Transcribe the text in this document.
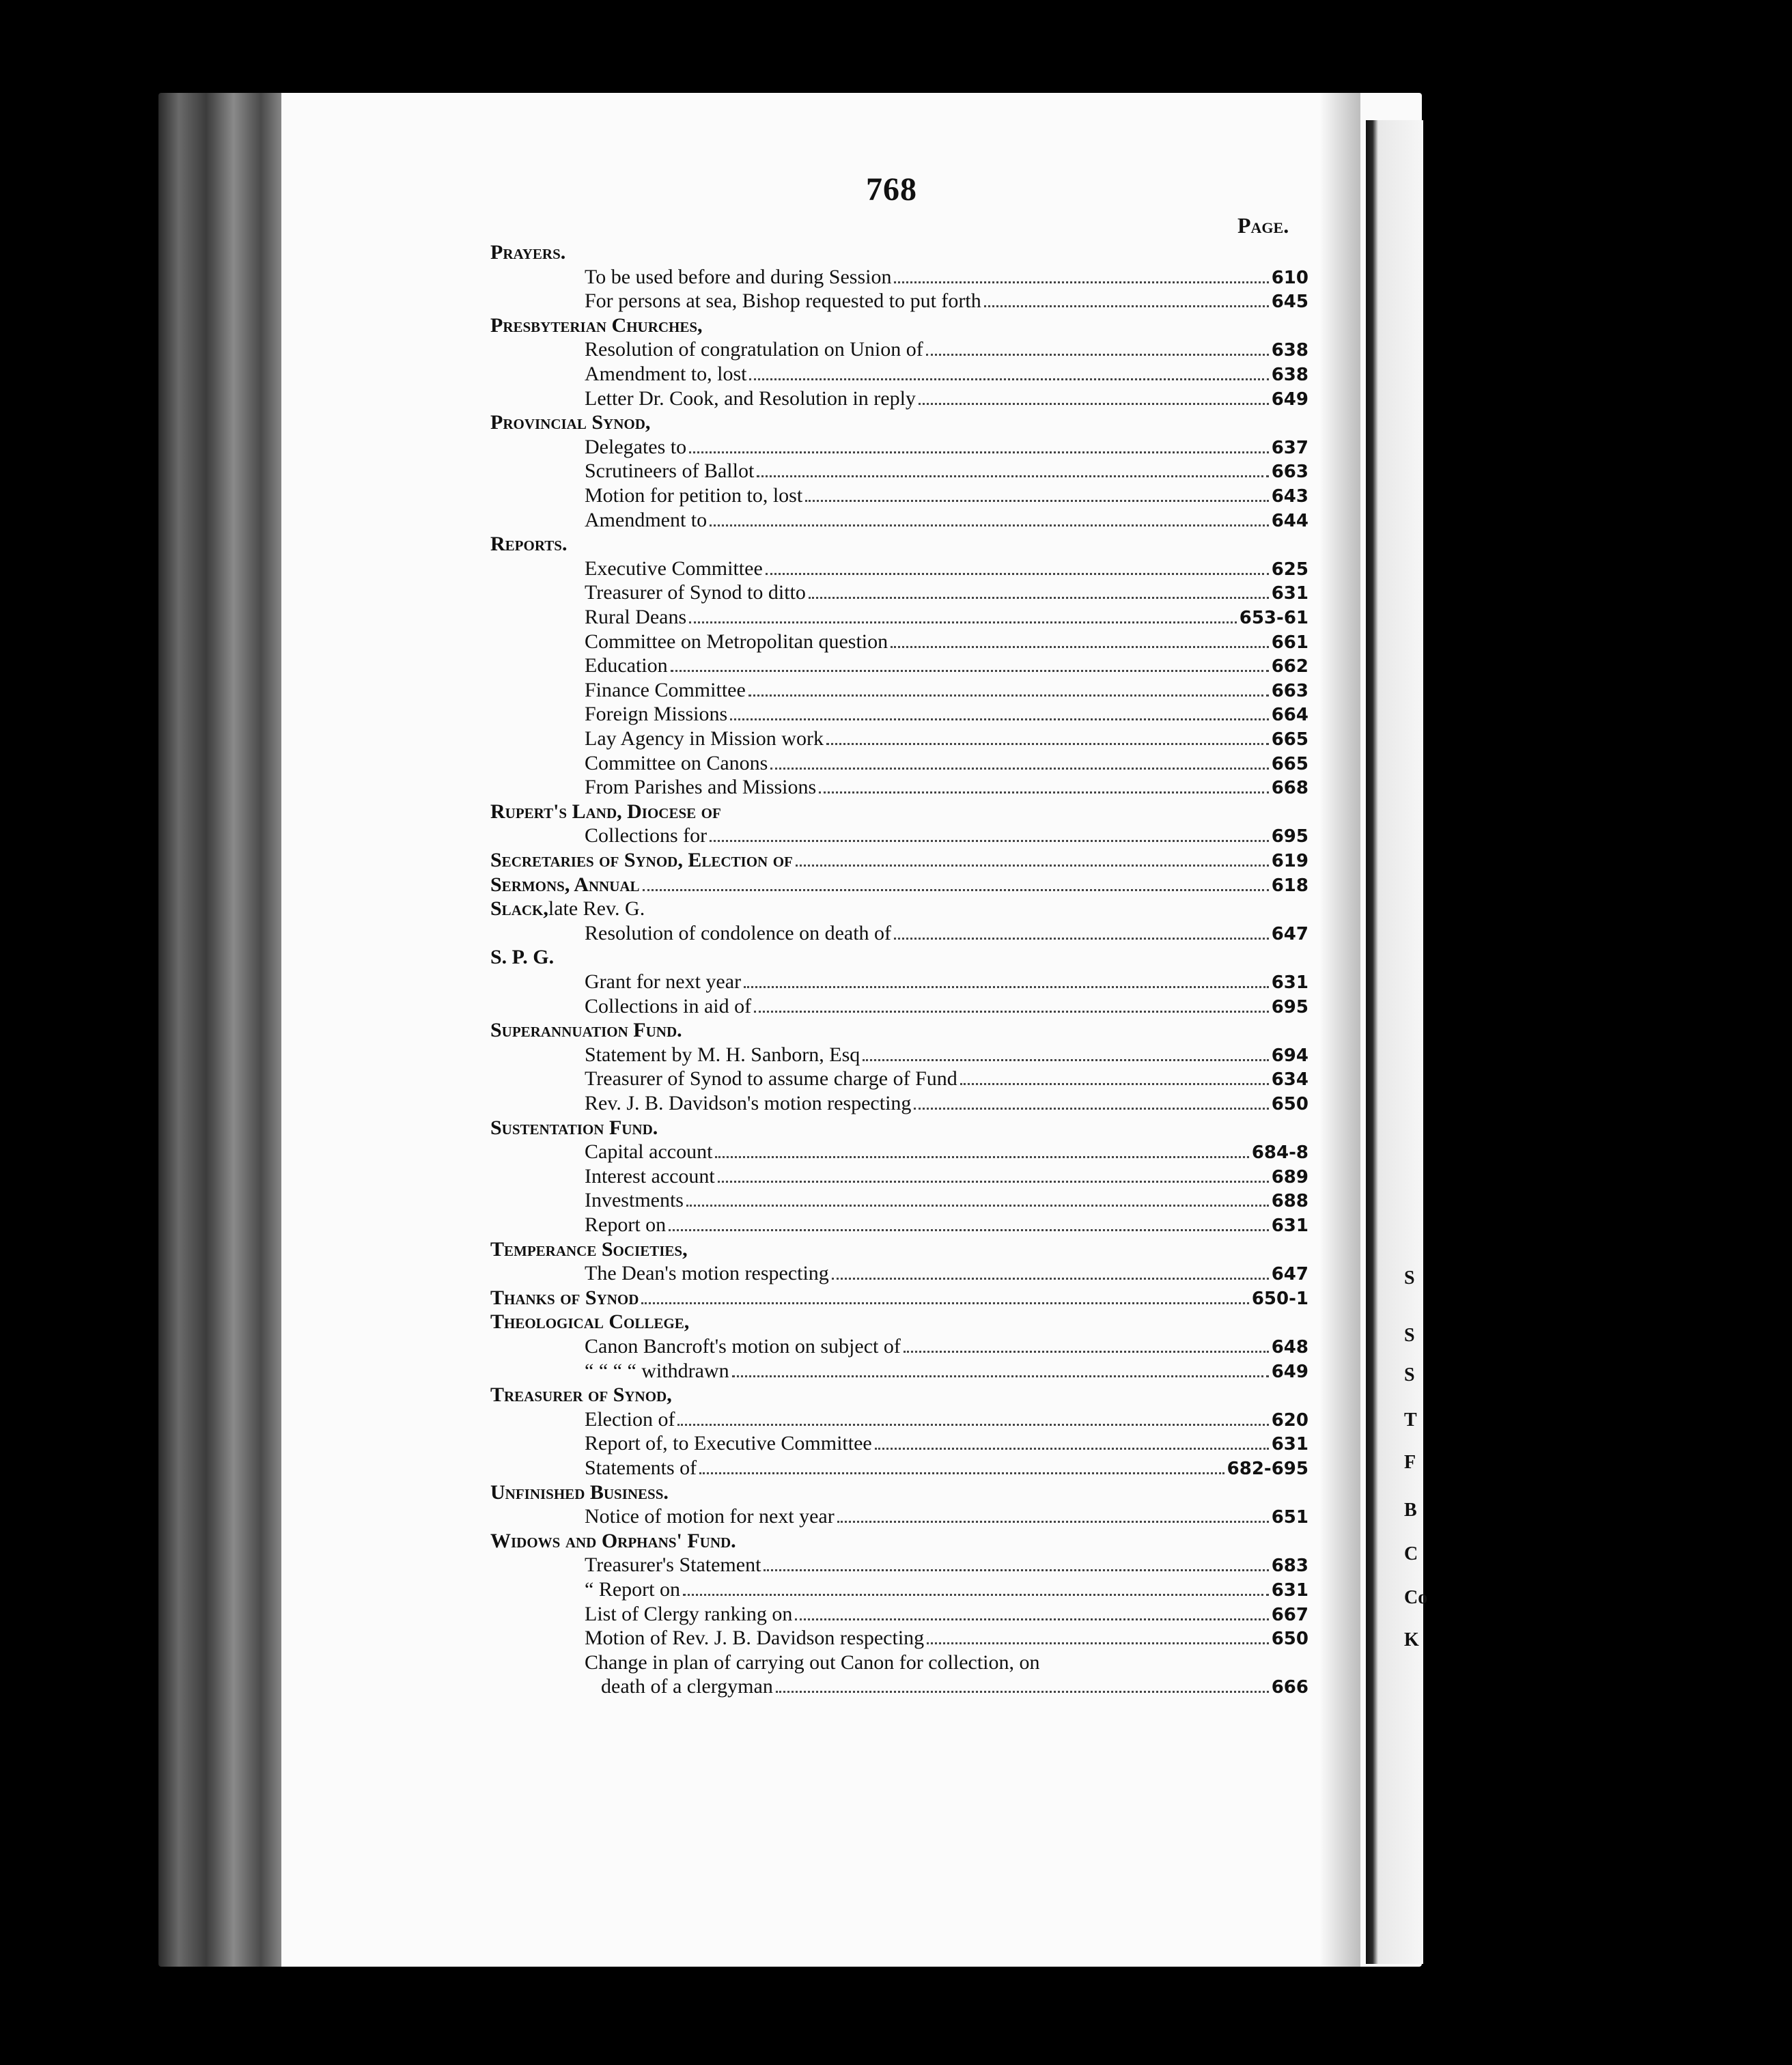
S
S
S
T
F
B
C
Co
K
768
Page.
Prayers.
To be used before and during Session	610
For persons at sea, Bishop requested to put forth	645
Presbyterian Churches,
Resolution of congratulation on Union of	638
Amendment to, lost	638
Letter Dr. Cook, and Resolution in reply	649
Provincial Synod,
Delegates to	637
Scrutineers of Ballot	663
Motion for petition to, lost	643
Amendment to	644
Reports.
Executive Committee	625
Treasurer of Synod to ditto	631
Rural Deans	653-61
Committee on Metropolitan question	661
Education	662
Finance Committee	663
Foreign Missions	664
Lay Agency in Mission work	665
Committee on Canons	665
From Parishes and Missions	668
Rupert's Land, Diocese of
Collections for	695
Secretaries of Synod, Election of	619
Sermons, Annual	618
Slack, late Rev. G.
Resolution of condolence on death of	647
S. P. G.
Grant for next year	631
Collections in aid of	695
Superannuation Fund.
Statement by M. H. Sanborn, Esq	694
Treasurer of Synod to assume charge of Fund	634
Rev. J. B. Davidson's motion respecting	650
Sustentation Fund.
Capital account	684-8
Interest account	689
Investments	688
Report on	631
Temperance Societies,
The Dean's motion respecting	647
Thanks of Synod	650-1
Theological College,
Canon Bancroft's motion on subject of	648
“ “ “ “ withdrawn	649
Treasurer of Synod,
Election of	620
Report of, to Executive Committee	631
Statements of	682-695
Unfinished Business.
Notice of motion for next year	651
Widows and Orphans' Fund.
Treasurer's Statement	683
“ Report on	631
List of Clergy ranking on	667
Motion of Rev. J. B. Davidson respecting	650
Change in plan of carrying out Canon for collection, on
death of a clergyman	666
